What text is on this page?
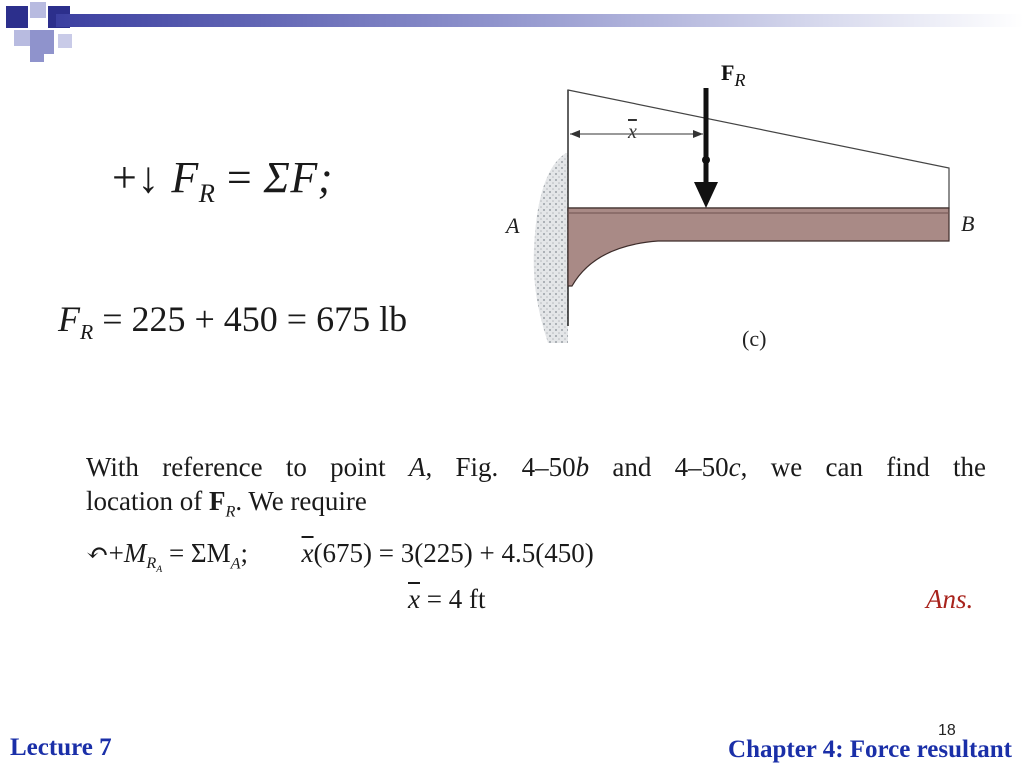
+↓ $F_R = \Sigma F$;
$F_R = 225 + 450 = 675$ lb
$F_R$
x
A	B
(c)

With reference to point A, Fig. 4–50b and 4–50c, we can find the

location of $F_R$. We require

$↶+M_{R_A} = \Sigma M_A$; $\overline{x}(675) = 3(225) + 4.5(450)$
$\overline{x} = 4$ ft	Ans.
18
Lecture 7	Chapter 4: Force resultant
